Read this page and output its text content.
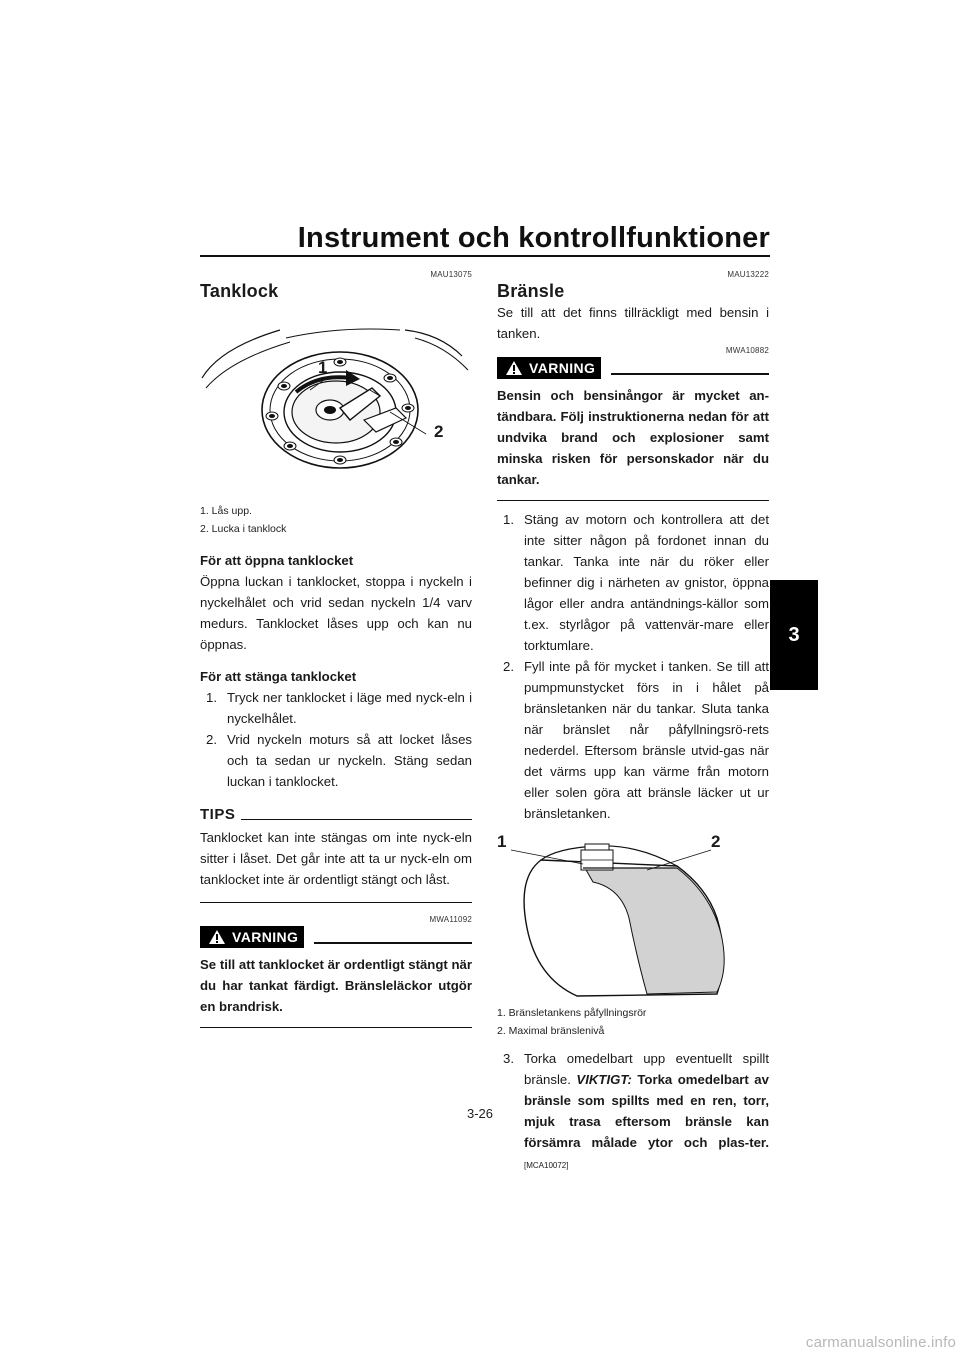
Instrument och kontrollfunktioner
3
MAU13075
Tanklock
1
2
1. Lås upp.
2. Lucka i tanklock
För att öppna tanklocket

Öppna luckan i tanklocket, stoppa i nyckeln i nyckelhålet och vrid sedan nyckeln 1/4 varv medurs. Tanklocket låses upp och kan nu öppnas.

För att stänga tanklocket
1. Tryck ner tanklocket i läge med nyck-eln i nyckelhålet.
2. Vrid nyckeln moturs så att locket låses och ta sedan ur nyckeln. Stäng sedan luckan i tanklocket.
TIPS

Tanklocket kan inte stängas om inte nyck-eln sitter i låset. Det går inte att ta ur nyck-eln om tanklocket inte är ordentligt stängt och låst.

MWA11092
VARNING
Se till att tanklocket är ordentligt stängt när du har tankat färdigt. Bränsleläckor utgör en brandrisk.
MAU13222
Bränsle

Se till att det finns tillräckligt med bensin i tanken.

MWA10882
VARNING
Bensin och bensinångor är mycket an-tändbara. Följ instruktionerna nedan för att undvika brand och explosioner samt minska risken för personskador när du tankar.
1. Stäng av motorn och kontrollera att det inte sitter någon på fordonet innan du tankar. Tanka inte när du röker eller befinner dig i närheten av gnistor, öppna lågor eller andra antändnings-källor som t.ex. styrlågor på vattenvär-mare eller torktumlare.
2. Fyll inte på för mycket i tanken. Se till att pumpmunstycket förs in i hålet på bränsletanken när du tankar. Sluta tanka när bränslet når påfyllningsrö-rets nederdel. Eftersom bränsle utvid-gas när det värms upp kan värme från motorn eller solen göra att bränsle läcker ut ur bränsletanken.
1	2
1. Bränsletankens påfyllningsrör
2. Maximal bränslenivå
3. Torka omedelbart upp eventuellt spillt bränsle. VIKTIGT: Torka omedelbart av bränsle som spillts med en ren, torr, mjuk trasa eftersom bränsle kan försämra målade ytor och plas-ter. [MCA10072]
3-26
carmanualsonline.info
